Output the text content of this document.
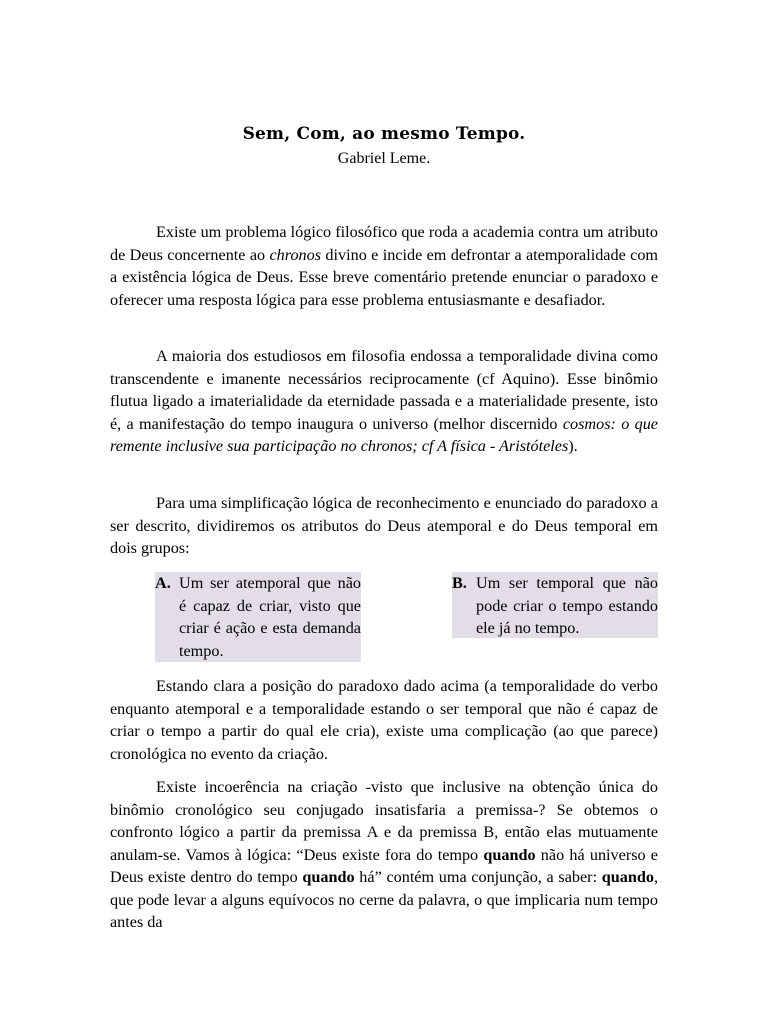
Sem, Com, ao mesmo Tempo.
Gabriel Leme.

Existe um problema lógico filosófico que roda a academia contra um atributo de Deus concernente ao chronos divino e incide em defrontar a atemporalidade com a existência lógica de Deus. Esse breve comentário pretende enunciar o paradoxo e oferecer uma resposta lógica para esse problema entusiasmante e desafiador.

A maioria dos estudiosos em filosofia endossa a temporalidade divina como transcendente e imanente necessários reciprocamente (cf Aquino). Esse binômio flutua ligado a imaterialidade da eternidade passada e a materialidade presente, isto é, a manifestação do tempo inaugura o universo (melhor discernido cosmos: o que remente inclusive sua participação no chronos; cf A física - Aristóteles).

Para uma simplificação lógica de reconhecimento e enunciado do paradoxo a ser descrito, dividiremos os atributos do Deus atemporal e do Deus temporal em dois grupos:

A. Um ser atemporal que não é capaz de criar, visto que criar é ação e esta demanda tempo.
B. Um ser temporal que não pode criar o tempo estando ele já no tempo.

Estando clara a posição do paradoxo dado acima (a temporalidade do verbo enquanto atemporal e a temporalidade estando o ser temporal que não é capaz de criar o tempo a partir do qual ele cria), existe uma complicação (ao que parece) cronológica no evento da criação.

Existe incoerência na criação -visto que inclusive na obtenção única do binômio cronológico seu conjugado insatisfaria a premissa-? Se obtemos o confronto lógico a partir da premissa A e da premissa B, então elas mutuamente anulam-se. Vamos à lógica: “Deus existe fora do tempo quando não há universo e Deus existe dentro do tempo quando há” contém uma conjunção, a saber: quando, que pode levar a alguns equívocos no cerne da palavra, o que implicaria num tempo antes da
